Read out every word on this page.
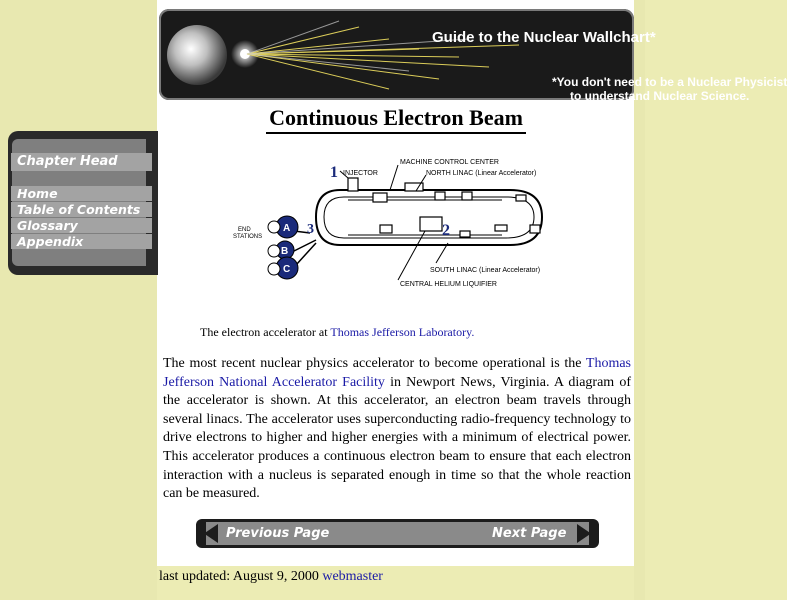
Guide to the Nuclear Wallchart*
*You don't need to be a Nuclear Physicist
to understand Nuclear Science.
Continuous Electron Beam
Chapter Head
Home
Table of Contents
Glossary
Appendix
A
B
C
1
2
3
INJECTOR
MACHINE CONTROL CENTER
NORTH LINAC (Linear Accelerator)
END
STATIONS
SOUTH LINAC (Linear Accelerator)
CENTRAL HELIUM LIQUIFIER
The electron accelerator at Thomas Jefferson Laboratory.
The most recent nuclear physics accelerator to become operational is the Thomas Jefferson National Accelerator Facility in Newport News, Virginia. A diagram of the accelerator is shown. At this accelerator, an electron beam travels through several linacs. The accelerator uses superconducting radio-frequency technology to drive electrons to higher and higher energies with a minimum of electrical power. This accelerator produces a continuous electron beam to ensure that each electron interaction with a nucleus is separated enough in time so that the whole reaction can be measured.
Previous Page	Next Page
last updated: August 9, 2000 webmaster
